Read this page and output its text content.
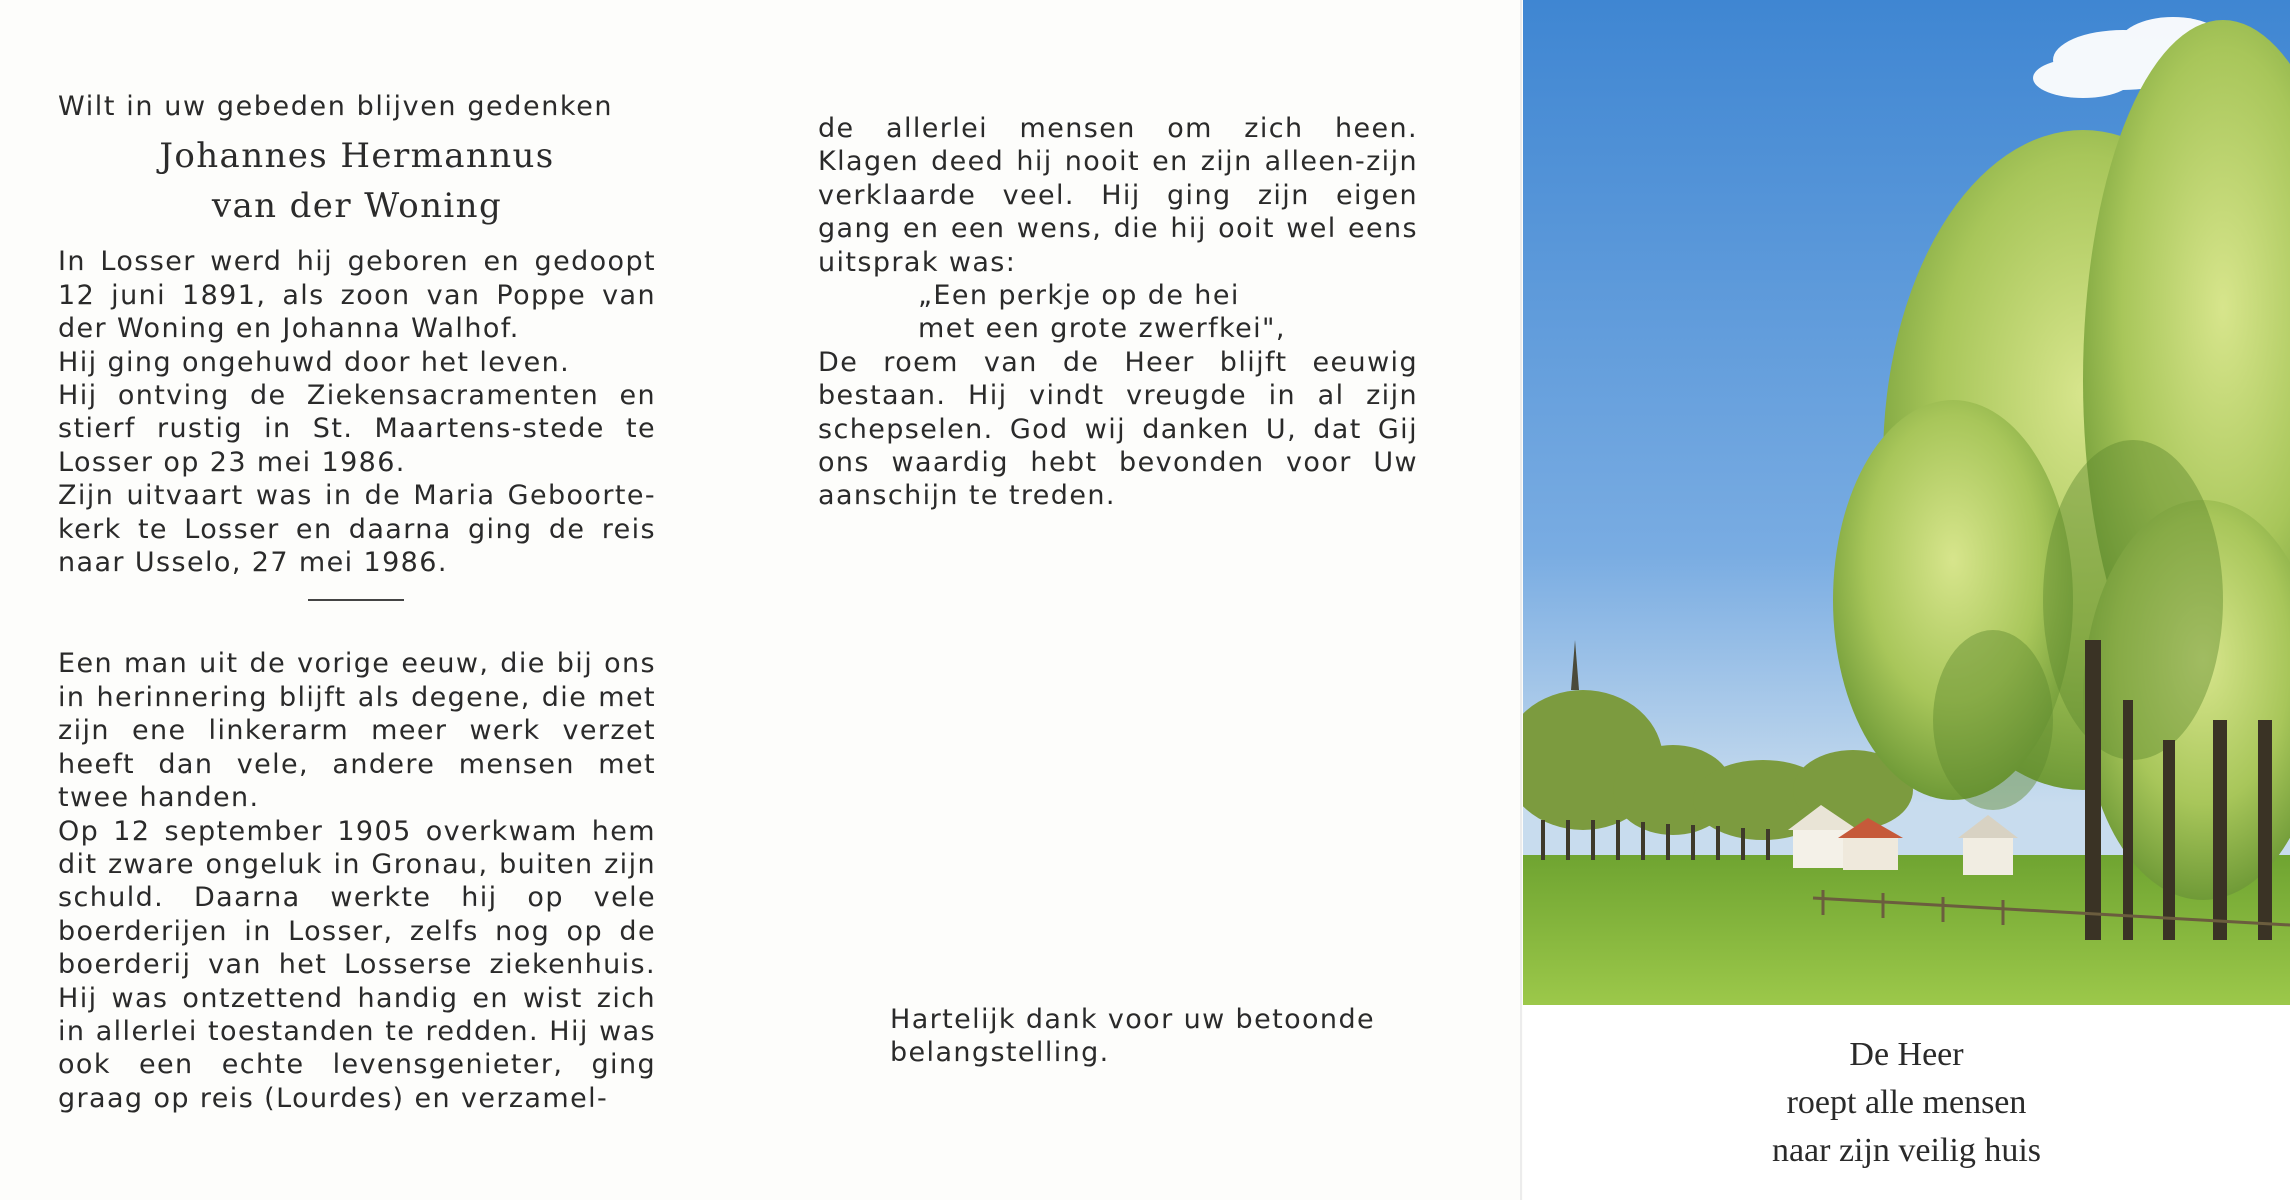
Wilt in uw gebeden blijven gedenken

Johannes Hermannus

van der Woning

In Losser werd hij geboren en gedoopt 12 juni 1891, als zoon van Poppe van der Woning en Johanna Walhof.

Hij ging ongehuwd door het leven.

Hij ontving de Ziekensacramenten en stierf rustig in St. Maartens-stede te Losser op 23 mei 1986.

Zijn uitvaart was in de Maria Geboorte-kerk te Losser en daarna ging de reis naar Usselo, 27 mei 1986.

Een man uit de vorige eeuw, die bij ons in herinnering blijft als degene, die met zijn ene linkerarm meer werk verzet heeft dan vele, andere mensen met twee handen.

Op 12 september 1905 overkwam hem dit zware ongeluk in Gronau, buiten zijn schuld. Daarna werkte hij op vele boerderijen in Losser, zelfs nog op de boerderij van het Losserse ziekenhuis. Hij was ontzettend handig en wist zich in allerlei toestanden te redden. Hij was ook een echte levensgenieter, ging graag op reis (Lourdes) en verzamel-

de allerlei mensen om zich heen. Klagen deed hij nooit en zijn alleen-zijn verklaarde veel. Hij ging zijn eigen gang en een wens, die hij ooit wel eens uitsprak was:

„Een perkje op de hei

met een grote zwerfkei",

De roem van de Heer blijft eeuwig bestaan. Hij vindt vreugde in al zijn schepselen. God wij danken U, dat Gij ons waardig hebt bevonden voor Uw aanschijn te treden.

Hartelijk dank voor uw betoonde belangstelling.	De Heer
roept alle mensen
naar zijn veilig huis
